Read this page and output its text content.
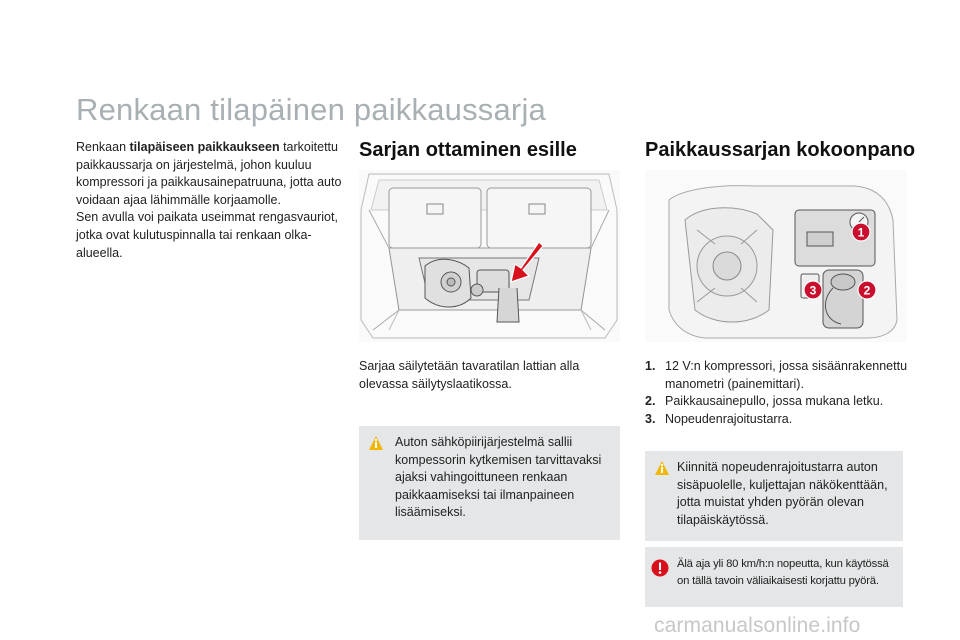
Renkaan tilapäinen paikkaussarja
Renkaan tilapäiseen paikkaukseen tarkoitettu paikkaussarja on järjestelmä, johon kuuluu kompressori ja paikkausainepatruuna, jotta auto voidaan ajaa lähimmälle korjaamolle.
Sen avulla voi paikata useimmat rengasvauriot, jotka ovat kulutuspinnalla tai renkaan olka-alueella.
Sarjan ottaminen esille	Paikkaussarjan kokoonpano
1
2
3
Sarjaa säilytetään tavaratilan lattian alla olevassa säilytyslaatikossa.
1. 12 V:n kompressori, jossa sisäänrakennettu manometri (painemittari).
2. Paikkausainepullo, jossa mukana letku.
3. Nopeudenrajoitustarra.
Auton sähköpiirijärjestelmä sallii kompessorin kytkemisen tarvittavaksi ajaksi vahingoittuneen renkaan paikkaamiseksi tai ilmanpaineen lisäämiseksi.
Kiinnitä nopeudenrajoitustarra auton sisäpuolelle, kuljettajan näkökenttään, jotta muistat yhden pyörän olevan tilapäiskäytössä.
Älä aja yli 80 km/h:n nopeutta, kun käytössä on tällä tavoin väliaikaisesti korjattu pyörä.
carmanualsonline.info
